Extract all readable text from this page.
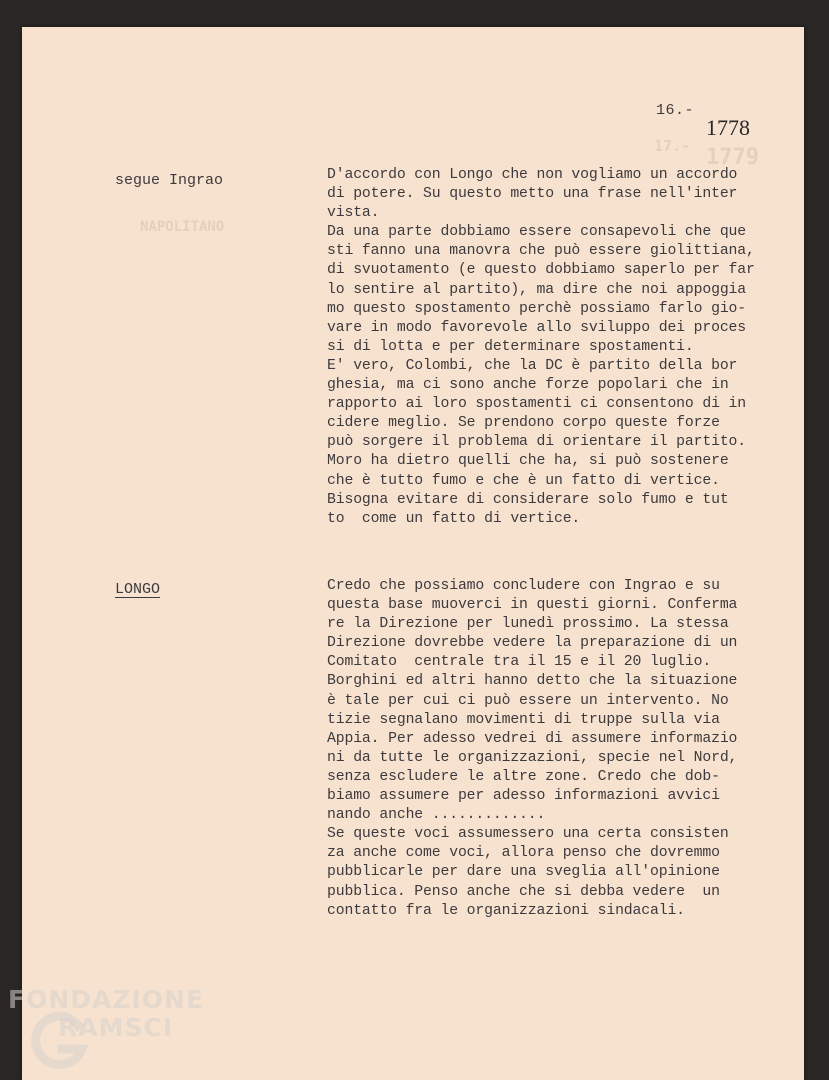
17.- 1779
NAPOLITANO
16.-
1778
segue Ingrao	D'accordo con Longo che non vogliamo un accordo
di potere. Su questo metto una frase nell'inter
vista.
Da una parte dobbiamo essere consapevoli che que
sti fanno una manovra che può essere giolittiana,
di svuotamento (e questo dobbiamo saperlo per far
lo sentire al partito), ma dire che noi appoggia
mo questo spostamento perchè possiamo farlo gio-
vare in modo favorevole allo sviluppo dei proces
si di lotta e per determinare spostamenti.
E' vero, Colombi, che la DC è partito della bor
ghesia, ma ci sono anche forze popolari che in
rapporto ai loro spostamenti ci consentono di in
cidere meglio. Se prendono corpo queste forze
può sorgere il problema di orientare il partito.
Moro ha dietro quelli che ha, si può sostenere
che è tutto fumo e che è un fatto di vertice.
Bisogna evitare di considerare solo fumo e tut
to  come un fatto di vertice.
LONGO	Credo che possiamo concludere con Ingrao e su
questa base muoverci in questi giorni. Conferma
re la Direzione per lunedì prossimo. La stessa
Direzione dovrebbe vedere la preparazione di un
Comitato  centrale tra il 15 e il 20 luglio.
Borghini ed altri hanno detto che la situazione
è tale per cui ci può essere un intervento. No
tizie segnalano movimenti di truppe sulla via
Appia. Per adesso vedrei di assumere informazio
ni da tutte le organizzazioni, specie nel Nord,
senza escludere le altre zone. Credo che dob-
biamo assumere per adesso informazioni avvici
nando anche .............
Se queste voci assumessero una certa consisten
za anche come voci, allora penso che dovremmo
pubblicarle per dare una sveglia all'opinione
pubblica. Penso anche che si debba vedere  un
contatto fra le organizzazioni sindacali.
FONDAZIONE
RAMSCI
